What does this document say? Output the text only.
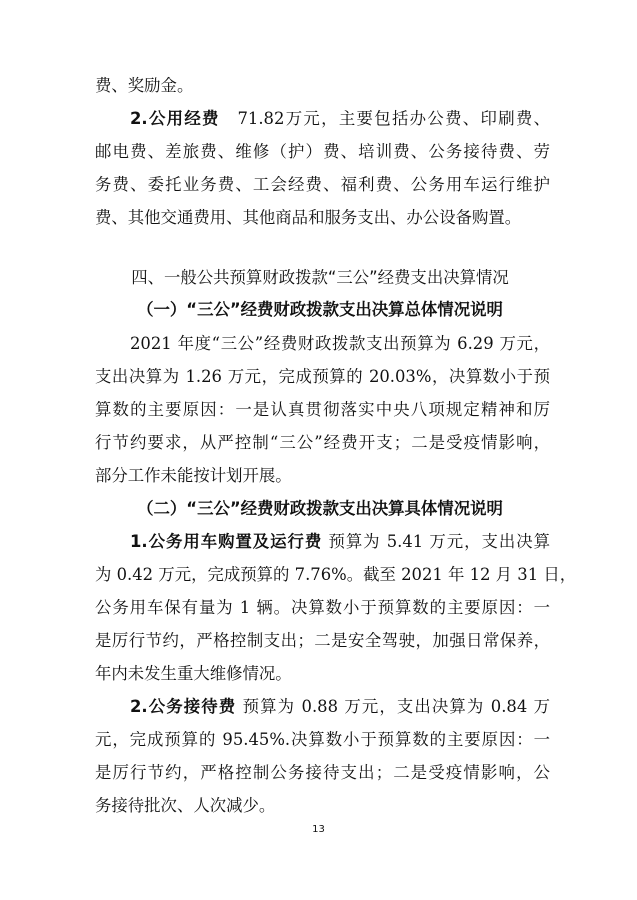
费、奖励金。
2.公用经费　71.82万元，主要包括办公费、印刷费、
邮电费、差旅费、维修（护）费、培训费、公务接待费、劳
务费、委托业务费、工会经费、福利费、公务用车运行维护
费、其他交通费用、其他商品和服务支出、办公设备购置。
四、一般公共预算财政拨款“三公”经费支出决算情况
（一）“三公”经费财政拨款支出决算总体情况说明
2021 年度“三公”经费财政拨款支出预算为 6.29 万元，
支出决算为 1.26 万元，完成预算的 20.03%，决算数小于预
算数的主要原因：一是认真贯彻落实中央八项规定精神和厉
行节约要求，从严控制“三公”经费开支；二是受疫情影响，
部分工作未能按计划开展。
（二）“三公”经费财政拨款支出决算具体情况说明
1.公务用车购置及运行费 预算为 5.41 万元，支出决算
为 0.42 万元，完成预算的 7.76%。截至 2021 年 12 月 31 日，
公务用车保有量为 1 辆。决算数小于预算数的主要原因：一
是厉行节约，严格控制支出；二是安全驾驶，加强日常保养，
年内未发生重大维修情况。
2.公务接待费 预算为 0.88 万元，支出决算为 0.84 万
元，完成预算的 95.45%.决算数小于预算数的主要原因：一
是厉行节约，严格控制公务接待支出；二是受疫情影响，公
务接待批次、人次减少。
13
